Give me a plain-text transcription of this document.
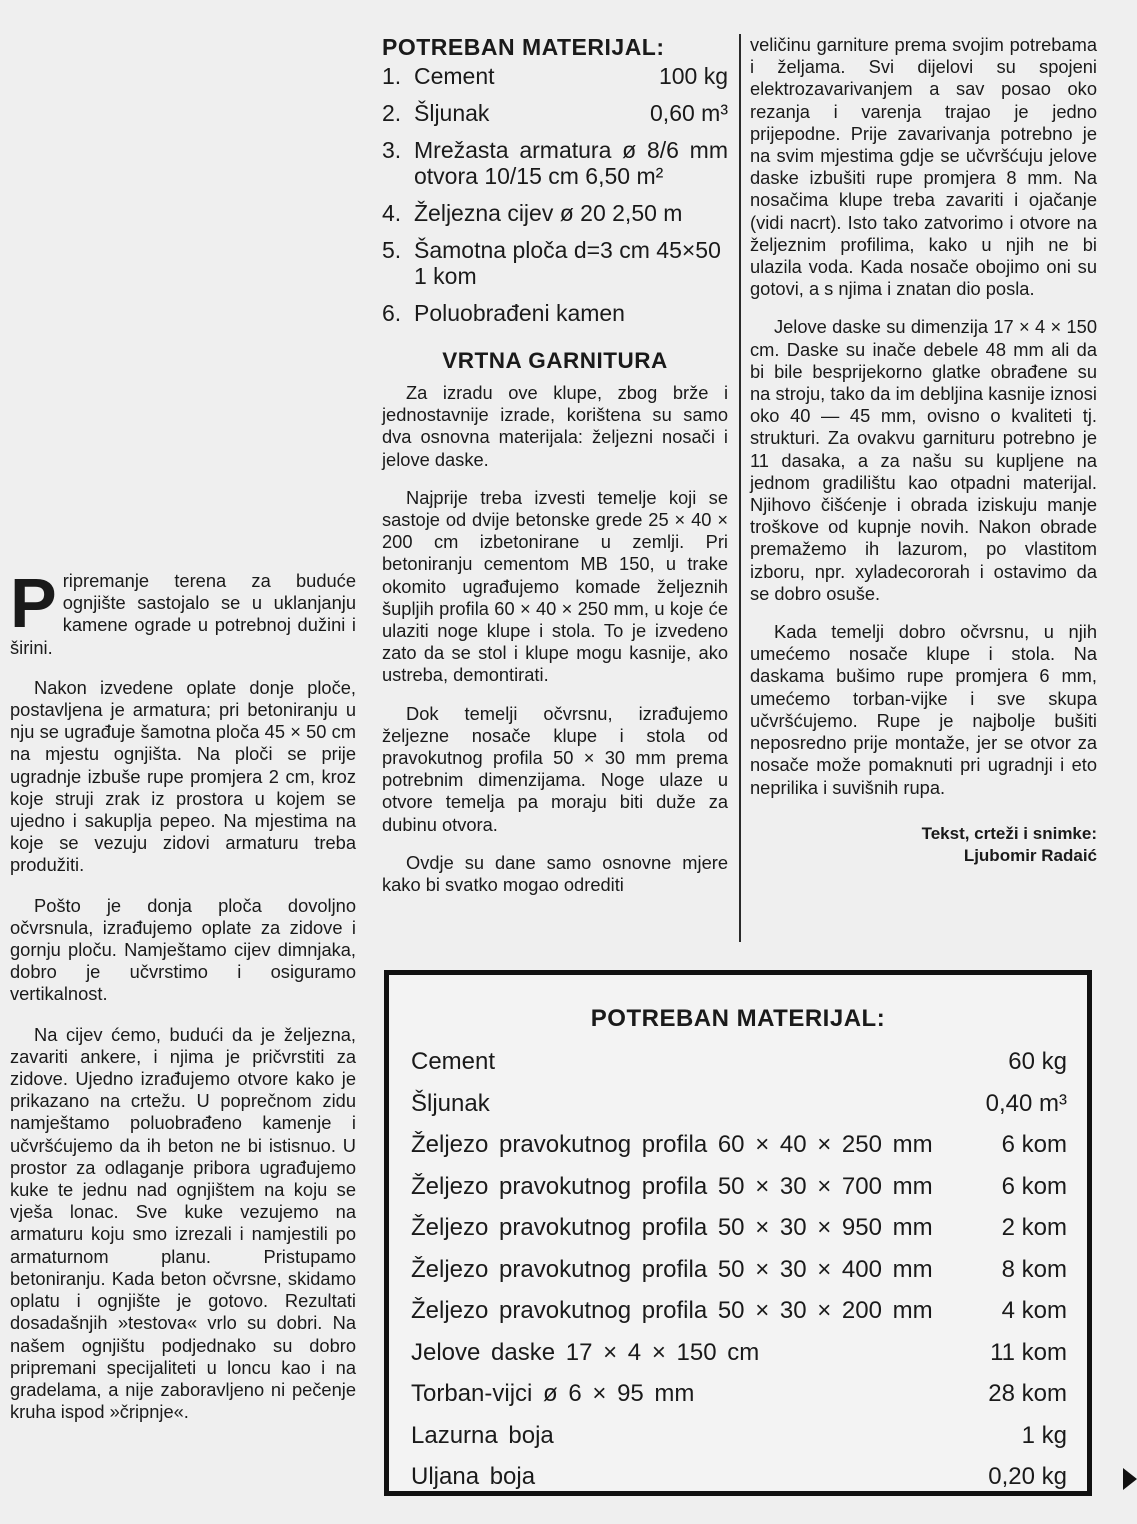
Pripremanje terena za buduće ognjište sastojalo se u uklanjanju kamene ograde u potrebnoj dužini i širini.

Nakon izvedene oplate donje ploče, postavljena je armatura; pri betoniranju u nju se ugrađuje šamotna ploča 45 × 50 cm na mjestu ognjišta. Na ploči se prije ugradnje izbuše rupe promjera 2 cm, kroz koje struji zrak iz prostora u kojem se ujedno i sakuplja pepeo. Na mjestima na koje se vezuju zidovi armaturu treba produžiti.

Pošto je donja ploča dovoljno očvrsnula, izrađujemo oplate za zidove i gornju ploču. Namještamo cijev dimnjaka, dobro je učvrstimo i osiguramo vertikalnost.

Na cijev ćemo, budući da je željezna, zavariti ankere, i njima je pričvrstiti za zidove. Ujedno izrađujemo otvore kako je prikazano na crtežu. U poprečnom zidu namještamo poluobrađeno kamenje i učvršćujemo da ih beton ne bi istisnuo. U prostor za odlaganje pribora ugrađujemo kuke te jednu nad ognjištem na koju se vješa lonac. Sve kuke vezujemo na armaturu koju smo izrezali i namjestili po armaturnom planu. Pristupamo betoniranju. Kada beton očvrsne, skidamo oplatu i ognjište je gotovo. Rezultati dosadašnjih »testova« vrlo su dobri. Na našem ognjištu podjednako su dobro pripremani specijaliteti u loncu kao i na gradelama, a nije zaboravljeno ni pečenje kruha ispod »čripnje«.

POTREBAN MATERIJAL:
1. Cement	100 kg
2. Šljunak	0,60 m³
3. Mrežasta armatura ø 8/6 mm otvora 10/15 cm 6,50 m²
4. Željezna cijev ø 20 2,50 m
5. Šamotna ploča d=3 cm 45×50 1 kom
6. Poluobrađeni kamen
VRTNA GARNITURA

Za izradu ove klupe, zbog brže i jednostavnije izrade, korištena su samo dva osnovna materijala: željezni nosači i jelove daske.

Najprije treba izvesti temelje koji se sastoje od dvije betonske grede 25 × 40 × 200 cm izbetonirane u zemlji. Pri betoniranju cementom MB 150, u trake okomito ugrađujemo komade željeznih šupljih profila 60 × 40 × 250 mm, u koje će ulaziti noge klupe i stola. To je izvedeno zato da se stol i klupe mogu kasnije, ako ustreba, demontirati.

Dok temelji očvrsnu, izrađujemo željezne nosače klupe i stola od pravokutnog profila 50 × 30 mm prema potrebnim dimenzijama. Noge ulaze u otvore temelja pa moraju biti duže za dubinu otvora.

Ovdje su dane samo osnovne mjere kako bi svatko mogao odrediti

veličinu garniture prema svojim potrebama i željama. Svi dijelovi su spojeni elektrozavarivanjem a sav posao oko rezanja i varenja trajao je jedno prijepodne. Prije zavarivanja potrebno je na svim mjestima gdje se učvršćuju jelove daske izbušiti rupe promjera 8 mm. Na nosačima klupe treba zavariti i ojačanje (vidi nacrt). Isto tako zatvorimo i otvore na željeznim profilima, kako u njih ne bi ulazila voda. Kada nosače obojimo oni su gotovi, a s njima i znatan dio posla.

Jelove daske su dimenzija 17 × 4 × 150 cm. Daske su inače debele 48 mm ali da bi bile besprijekorno glatke obrađene su na stroju, tako da im debljina kasnije iznosi oko 40 — 45 mm, ovisno o kvaliteti tj. strukturi. Za ovakvu garnituru potrebno je 11 dasaka, a za našu su kupljene na jednom gradilištu kao otpadni materijal. Njihovo čišćenje i obrada iziskuju manje troškove od kupnje novih. Nakon obrade premažemo ih lazurom, po vlastitom izboru, npr. xyladecororah i ostavimo da se dobro osuše.

Kada temelji dobro očvrsnu, u njih umećemo nosače klupe i stola. Na daskama bušimo rupe promjera 6 mm, umećemo torban-vijke i sve skupa učvršćujemo. Rupe je najbolje bušiti neposredno prije montaže, jer se otvor za nosače može pomaknuti pri ugradnji i eto neprilika i suvišnih rupa.

Tekst, crteži i snimke:
Ljubomir Radaić
POTREBAN MATERIJAL:
Cement	60 kg
Šljunak	0,40 m³
Željezo pravokutnog profila 60 × 40 × 250 mm	6 kom
Željezo pravokutnog profila 50 × 30 × 700 mm	6 kom
Željezo pravokutnog profila 50 × 30 × 950 mm	2 kom
Željezo pravokutnog profila 50 × 30 × 400 mm	8 kom
Željezo pravokutnog profila 50 × 30 × 200 mm	4 kom
Jelove daske 17 × 4 × 150 cm	11 kom
Torban-vijci ø 6 × 95 mm	28 kom
Lazurna boja	1 kg
Uljana boja	0,20 kg
